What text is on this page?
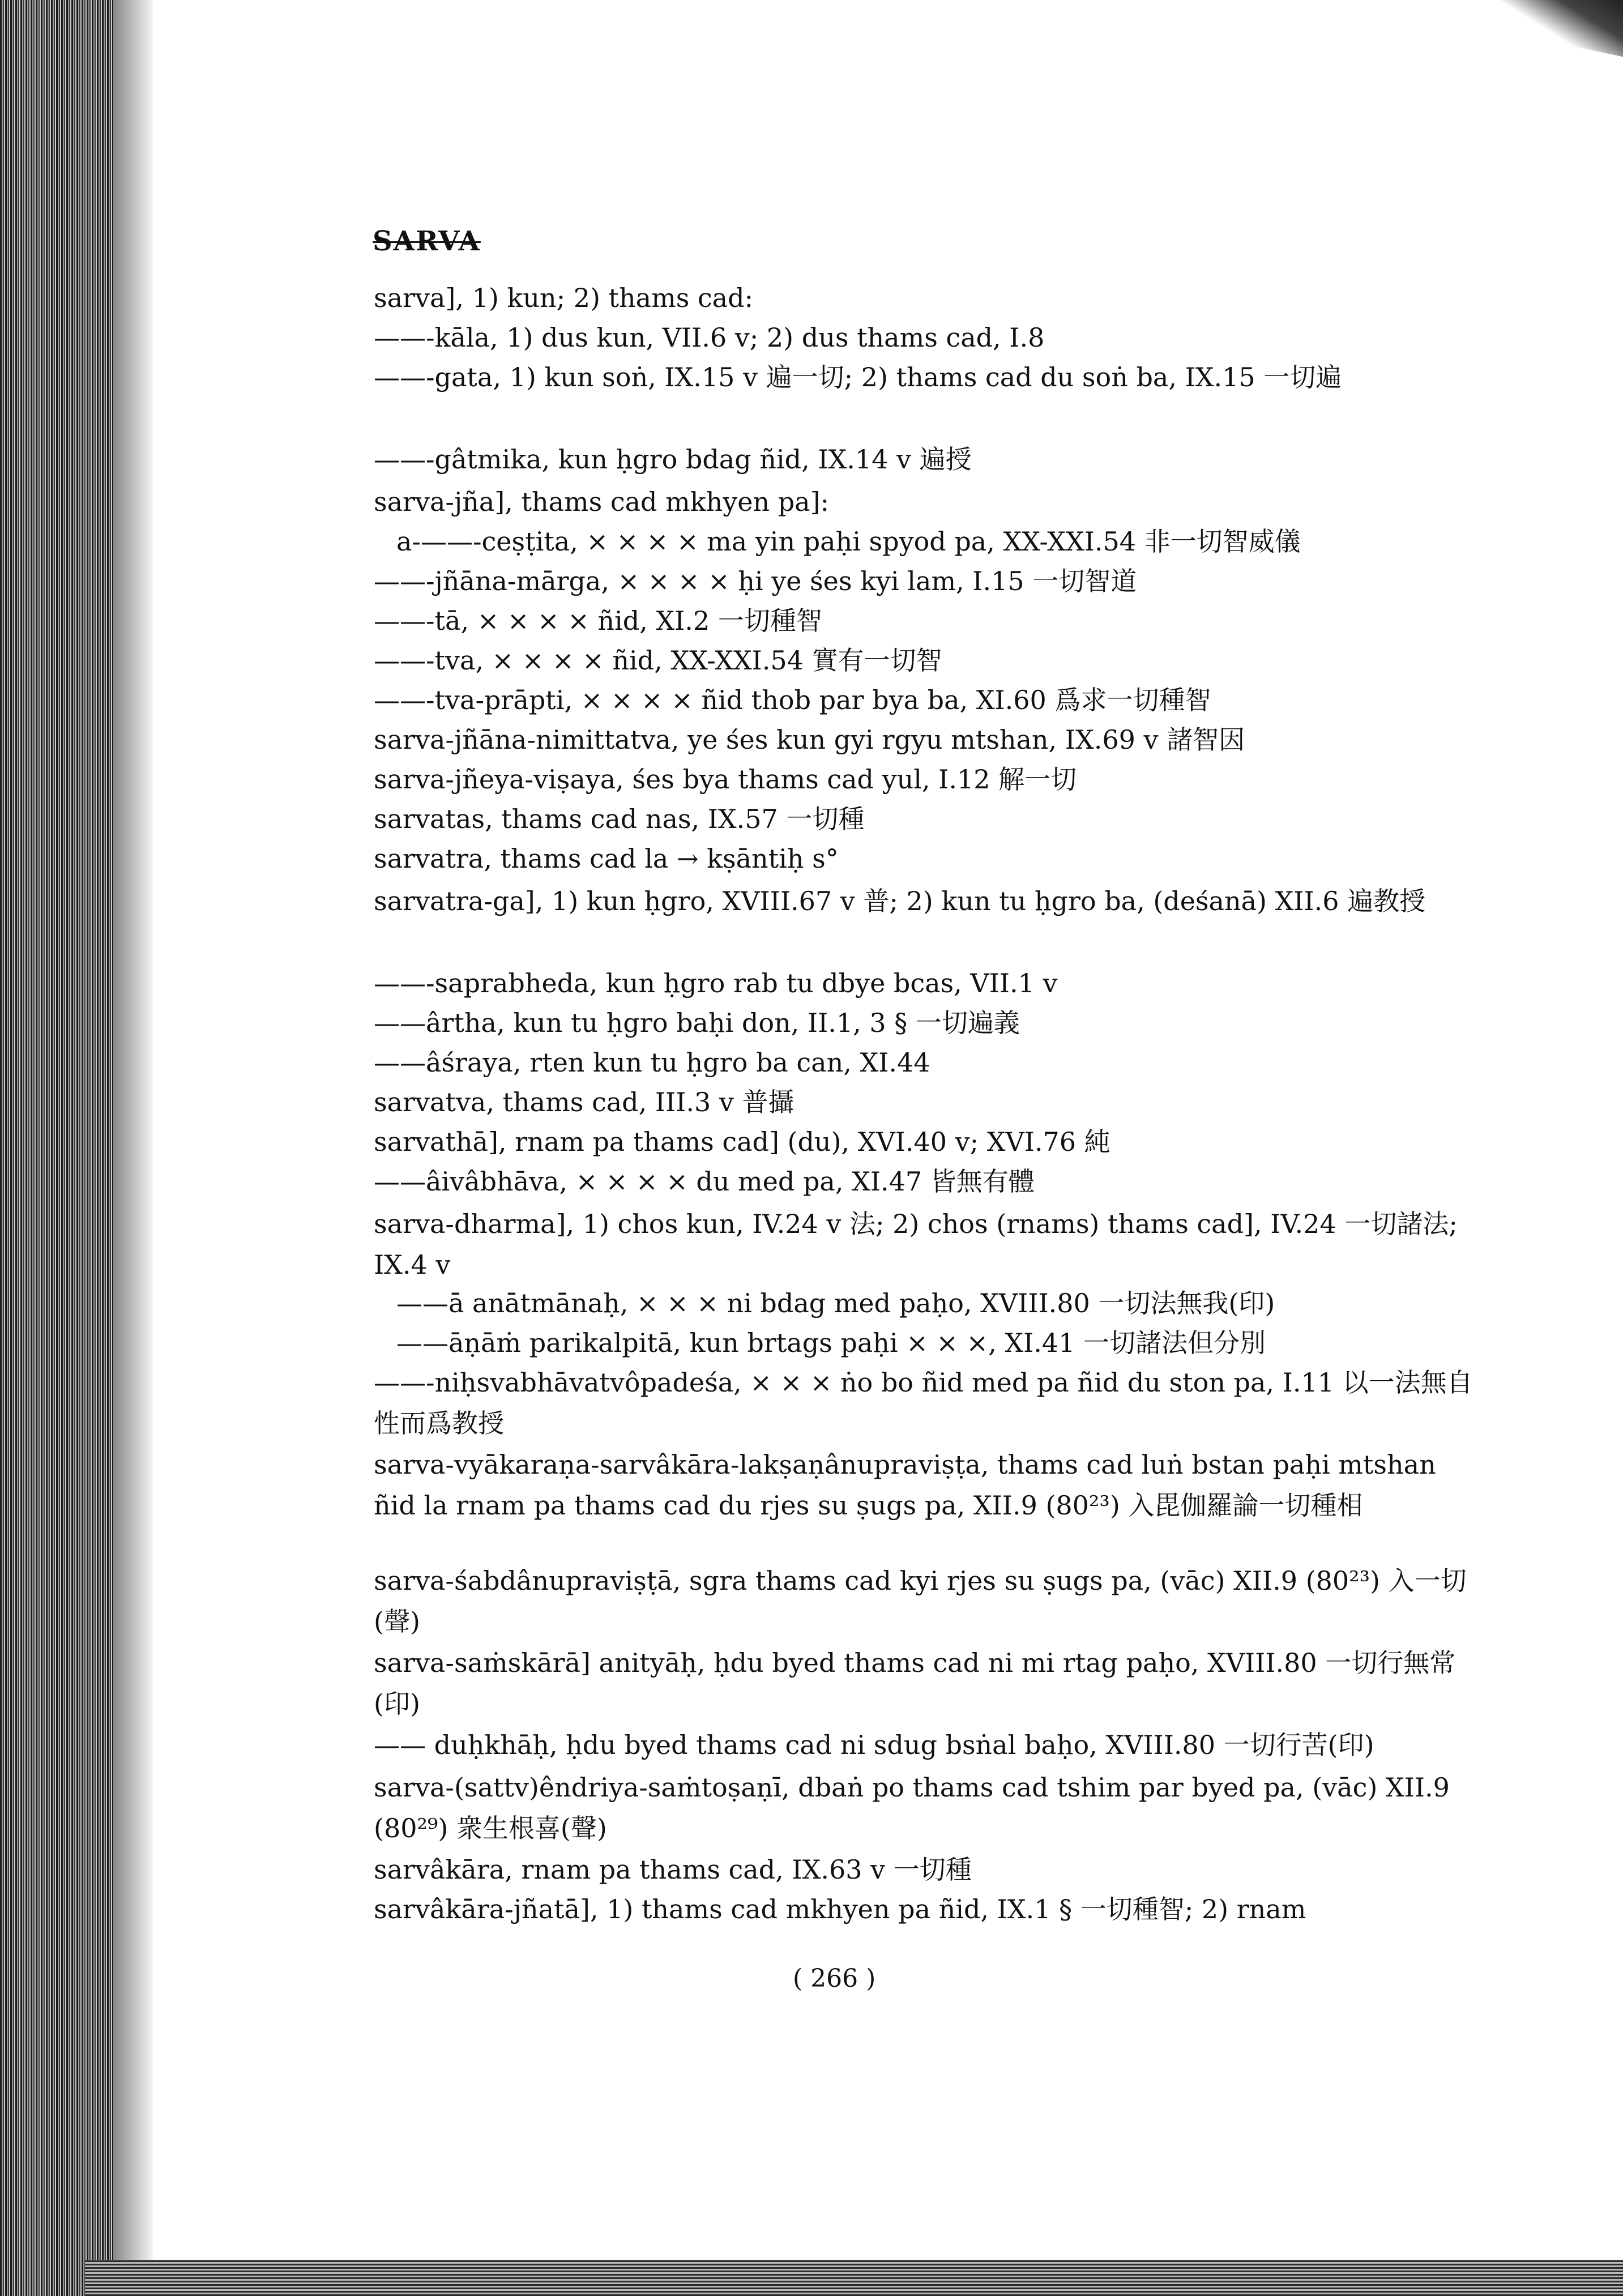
SARVA
sarva], 1) kun; 2) thams cad:
——-kāla, 1) dus kun, VII.6 v; 2) dus thams cad, I.8
——-gata, 1) kun soṅ, IX.15 v 遍一切; 2) thams cad du soṅ ba, IX.15 一切遍
——-gâtmika, kun ḥgro bdag ñid, IX.14 v 遍授
sarva-jña], thams cad mkhyen pa]:
a-——-ceṣṭita, × × × × ma yin paḥi spyod pa, XX-XXI.54 非一切智威儀
——-jñāna-mārga, × × × × ḥi ye śes kyi lam, I.15 一切智道
——-tā, × × × × ñid, XI.2 一切種智
——-tva, × × × × ñid, XX-XXI.54 實有一切智
——-tva-prāpti, × × × × ñid thob par bya ba, XI.60 爲求一切種智
sarva-jñāna-nimittatva, ye śes kun gyi rgyu mtshan, IX.69 v 諸智因
sarva-jñeya-viṣaya, śes bya thams cad yul, I.12 解一切
sarvatas, thams cad nas, IX.57 一切種
sarvatra, thams cad la → kṣāntiḥ s°
sarvatra-ga], 1) kun ḥgro, XVIII.67 v 普; 2) kun tu ḥgro ba, (deśanā) XII.6 遍教授
——-saprabheda, kun ḥgro rab tu dbye bcas, VII.1 v
——ârtha, kun tu ḥgro baḥi don, II.1, 3 § 一切遍義
——âśraya, rten kun tu ḥgro ba can, XI.44
sarvatva, thams cad, III.3 v 普攝
sarvathā], rnam pa thams cad] (du), XVI.40 v; XVI.76 純
——âivâbhāva, × × × × du med pa, XI.47 皆無有體
sarva-dharma], 1) chos kun, IV.24 v 法; 2) chos (rnams) thams cad], IV.24 一切諸法; IX.4 v
——ā anātmānaḥ, × × × ni bdag med paḥo, XVIII.80 一切法無我(印)
——āṇāṁ parikalpitā, kun brtags paḥi × × ×, XI.41 一切諸法但分別
——-niḥsvabhāvatvôpadeśa, × × × ṅo bo ñid med pa ñid du ston pa, I.11 以一法無自性而爲教授
sarva-vyākaraṇa-sarvâkāra-lakṣaṇânupraviṣṭa, thams cad luṅ bstan paḥi mtshan ñid la rnam pa thams cad du rjes su ṣugs pa, XII.9 (80²³) 入毘伽羅論一切種相
sarva-śabdânupraviṣṭā, sgra thams cad kyi rjes su ṣugs pa, (vāc) XII.9 (80²³) 入一切(聲)
sarva-saṁskārā] anityāḥ, ḥdu byed thams cad ni mi rtag paḥo, XVIII.80 一切行無常(印)
—— duḥkhāḥ, ḥdu byed thams cad ni sdug bsṅal baḥo, XVIII.80 一切行苦(印)
sarva-(sattv)êndriya-saṁtoṣaṇī, dbaṅ po thams cad tshim par byed pa, (vāc) XII.9 (80²⁹) 衆生根喜(聲)
sarvâkāra, rnam pa thams cad, IX.63 v 一切種
sarvâkāra-jñatā], 1) thams cad mkhyen pa ñid, IX.1 § 一切種智; 2) rnam
( 266 )
